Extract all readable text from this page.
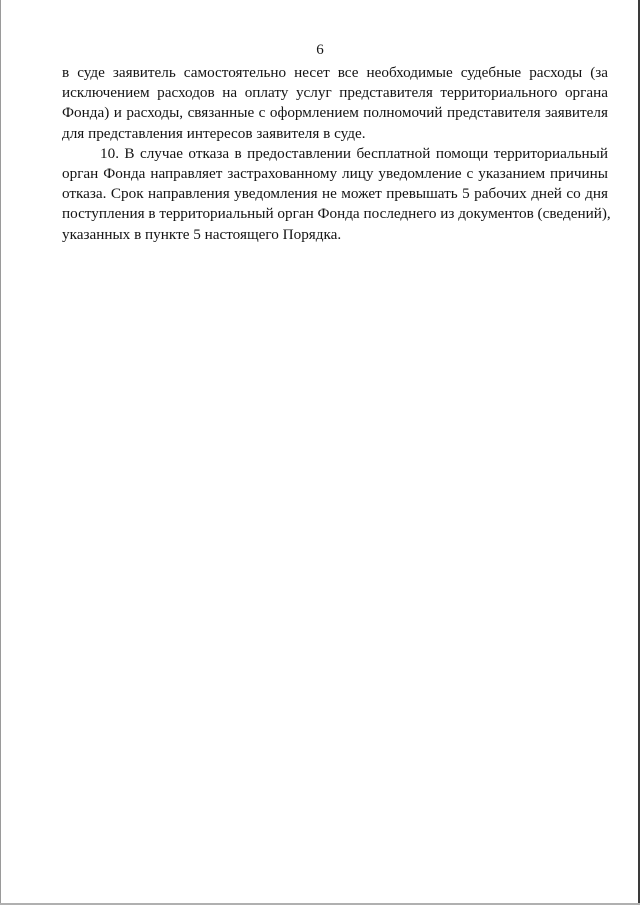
6
в суде заявитель самостоятельно несет все необходимые судебные расходы (за
исключением расходов на оплату услуг представителя территориального органа
Фонда) и расходы, связанные с оформлением полномочий представителя заявителя
для представления интересов заявителя в суде.
10. В случае отказа в предоставлении бесплатной помощи территориальный
орган Фонда направляет застрахованному лицу уведомление с указанием причины
отказа. Срок направления уведомления не может превышать 5 рабочих дней со дня
поступления в территориальный орган Фонда последнего из документов (сведений),
указанных в пункте 5 настоящего Порядка.
